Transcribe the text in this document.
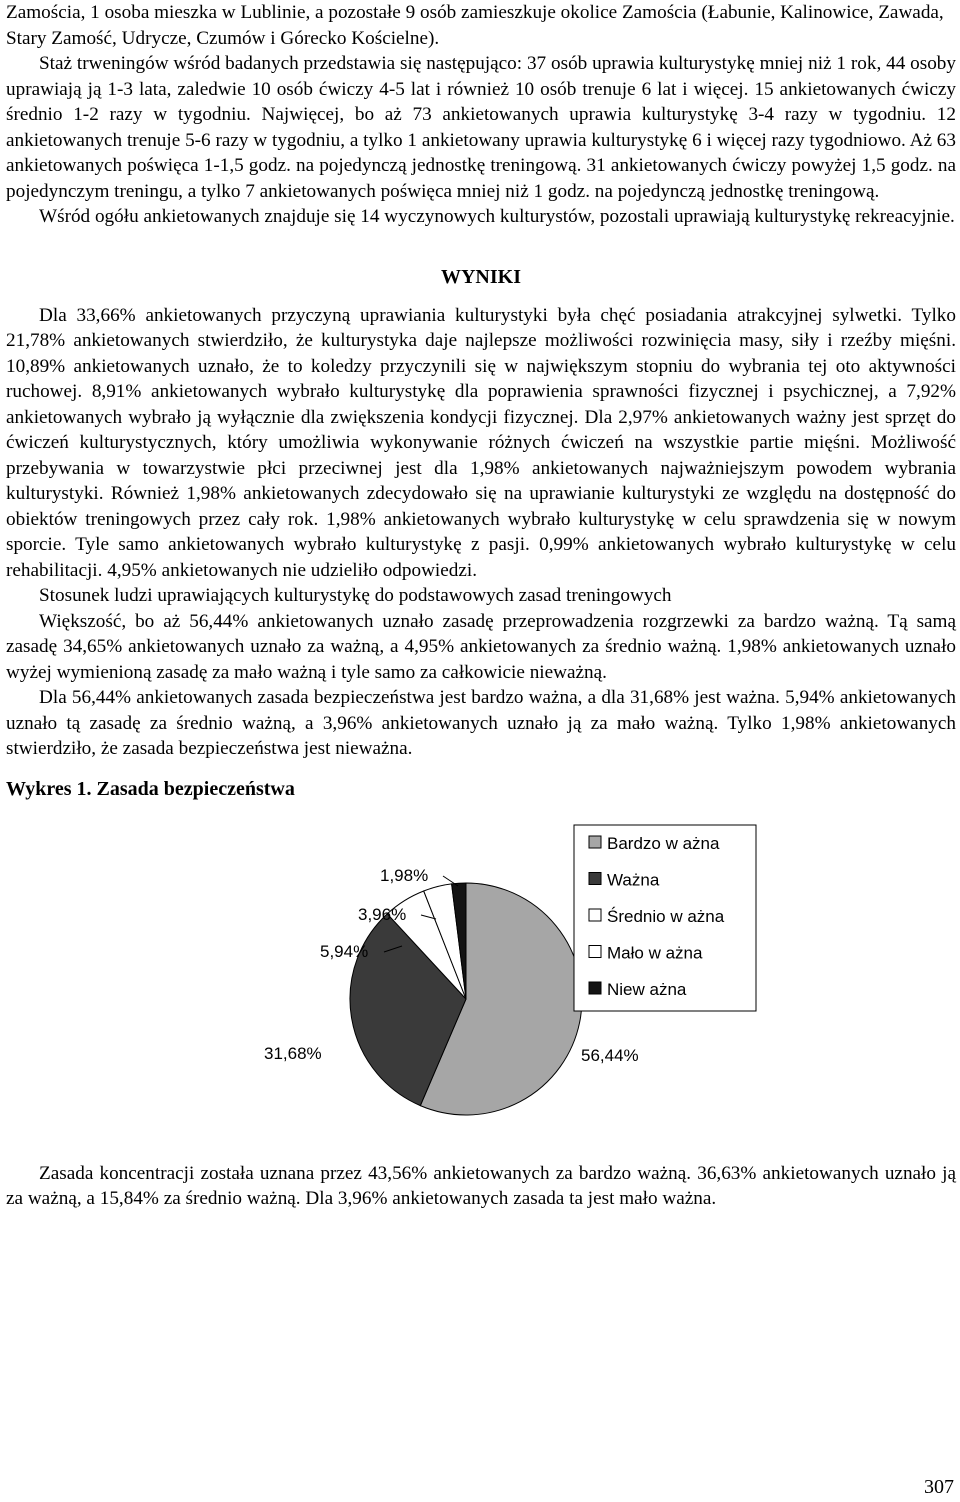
Zamościa, 1 osoba mieszka w Lublinie, a pozostałe 9 osób zamieszkuje okolice Zamościa (Łabunie, Kalinowice, Zawada, Stary Zamość, Udrycze, Czumów i Górecko Kościelne).

Staż trweningów wśród badanych przedstawia się następująco: 37 osób uprawia kulturystykę mniej niż 1 rok, 44 osoby uprawiają ją 1-3 lata, zaledwie 10 osób ćwiczy 4-5 lat i również 10 osób trenuje 6 lat i więcej. 15 ankietowanych ćwiczy średnio 1-2 razy w tygodniu. Najwięcej, bo aż 73 ankietowanych uprawia kulturystykę 3-4 razy w tygodniu. 12 ankietowanych trenuje 5-6 razy w tygodniu, a tylko 1 ankietowany uprawia kulturystykę 6 i więcej razy tygodniowo. Aż 63 ankietowanych poświęca 1-1,5 godz. na pojedynczą jednostkę treningową. 31 ankietowanych ćwiczy powyżej 1,5 godz. na pojedynczym treningu, a tylko 7 ankietowanych poświęca mniej niż 1 godz. na pojedynczą jednostkę treningową.

Wśród ogółu ankietowanych znajduje się 14 wyczynowych kulturystów, pozostali uprawiają kulturystykę rekreacyjnie.

WYNIKI

Dla 33,66% ankietowanych przyczyną uprawiania kulturystyki była chęć posiadania atrakcyjnej sylwetki. Tylko 21,78% ankietowanych stwierdziło, że kulturystyka daje najlepsze możliwości rozwinięcia masy, siły i rzeźby mięśni. 10,89% ankietowanych uznało, że to koledzy przyczynili się w największym stopniu do wybrania tej oto aktywności ruchowej. 8,91% ankietowanych wybrało kulturystykę dla poprawienia sprawności fizycznej i psychicznej, a 7,92% ankietowanych wybrało ją wyłącznie dla zwiększenia kondycji fizycznej. Dla 2,97% ankietowanych ważny jest sprzęt do ćwiczeń kulturystycznych, który umożliwia wykonywanie różnych ćwiczeń na wszystkie partie mięśni. Możliwość przebywania w towarzystwie płci przeciwnej jest dla 1,98% ankietowanych najważniejszym powodem wybrania kulturystyki. Również 1,98% ankietowanych zdecydowało się na uprawianie kulturystyki ze względu na dostępność do obiektów treningowych przez cały rok. 1,98% ankietowanych wybrało kulturystykę w celu sprawdzenia się w nowym sporcie. Tyle samo ankietowanych wybrało kulturystykę z pasji. 0,99% ankietowanych wybrało kulturystykę w celu rehabilitacji. 4,95% ankietowanych nie udzieliło odpowiedzi.

Stosunek ludzi uprawiających kulturystykę do podstawowych zasad treningowych

Większość, bo aż 56,44% ankietowanych uznało zasadę przeprowadzenia rozgrzewki za bardzo ważną. Tą samą zasadę 34,65% ankietowanych uznało za ważną, a 4,95% ankietowanych za średnio ważną. 1,98% ankietowanych uznało wyżej wymienioną zasadę za mało ważną i tyle samo za całkowicie nieważną.

Dla 56,44% ankietowanych zasada bezpieczeństwa jest bardzo ważna, a dla 31,68% jest ważna. 5,94% ankietowanych uznało tą zasadę za średnio ważną, a 3,96% ankietowanych uznało ją za mało ważną. Tylko 1,98% ankietowanych stwierdziło, że zasada bezpieczeństwa jest nieważna.

Wykres 1. Zasada bezpieczeństwa
56,44%
31,68%
5,94%
3,96%
1,98%
Bardzo w ażna
Ważna
Średnio w ażna
Mało w ażna
Niew ażna

Zasada koncentracji została uznana przez 43,56% ankietowanych za bardzo ważną. 36,63% ankietowanych uznało ją za ważną, a 15,84% za średnio ważną. Dla 3,96% ankietowanych zasada ta jest mało ważna.

307
